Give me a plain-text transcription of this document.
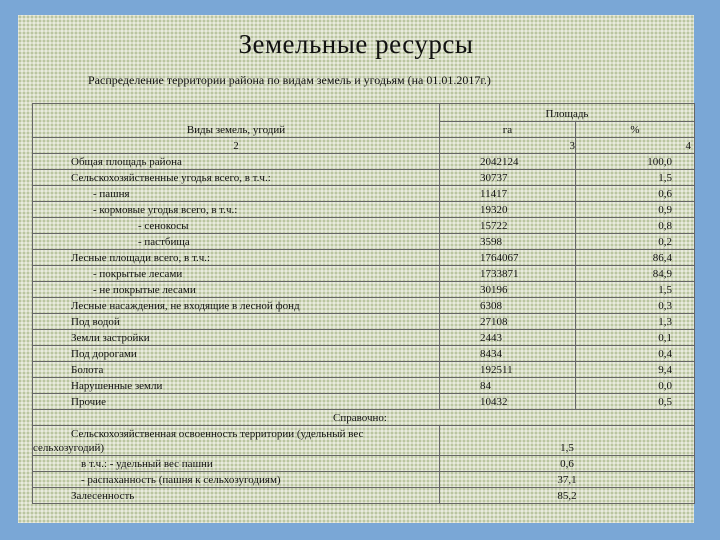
Земельные ресурсы
Распределение территории района по видам земель и угодьям (на 01.01.2017г.)
Виды земель, угодий	Площадь	
	га	%
2	3	4
Общая площадь района	2042124	100,0
Сельскохозяйственные угодья всего, в т.ч.:	30737	1,5
- пашня	11417	0,6
- кормовые угодья всего, в т.ч.:	19320	0,9
- сенокосы	15722	0,8
- пастбища	3598	0,2
Лесные площади всего, в т.ч.:	1764067	86,4
- покрытые лесами	1733871	84,9
- не покрытые лесами	30196	1,5
Лесные насаждения, не входящие в лесной фонд	6308	0,3
Под водой	27108	1,3
Земли застройки	2443	0,1
Под дорогами	8434	0,4
Болота	192511	9,4
Нарушенные земли	84	0,0
Прочие	10432	0,5
Справочно:		
Сельскохозяйственная освоенность территории (удельный вес сельхозугодий)	1,5	
в т.ч.: - удельный вес пашни	0,6	
- распаханность (пашня к сельхозугодиям)	37,1	
Залесенность	85,2	
